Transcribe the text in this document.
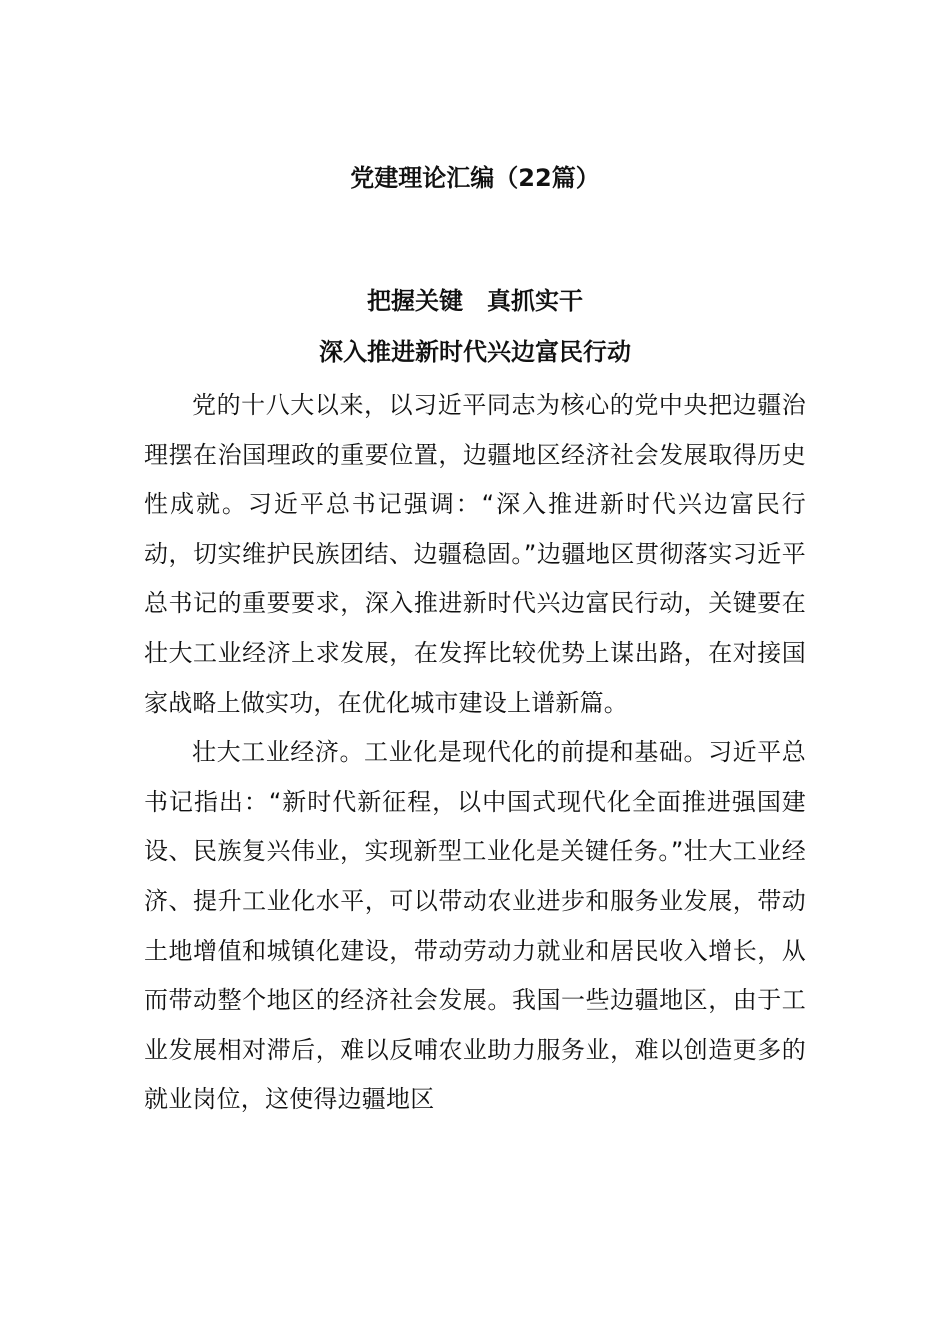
党建理论汇编（22篇）
把握关键　真抓实干
深入推进新时代兴边富民行动

党的十八大以来，以习近平同志为核心的党中央把边疆治理摆在治国理政的重要位置，边疆地区经济社会发展取得历史性成就。习近平总书记强调：“深入推进新时代兴边富民行动，切实维护民族团结、边疆稳固。”边疆地区贯彻落实习近平总书记的重要要求，深入推进新时代兴边富民行动，关键要在壮大工业经济上求发展，在发挥比较优势上谋出路，在对接国家战略上做实功，在优化城市建设上谱新篇。

壮大工业经济。工业化是现代化的前提和基础。习近平总书记指出：“新时代新征程，以中国式现代化全面推进强国建设、民族复兴伟业，实现新型工业化是关键任务。”壮大工业经济、提升工业化水平，可以带动农业进步和服务业发展，带动土地增值和城镇化建设，带动劳动力就业和居民收入增长，从而带动整个地区的经济社会发展。我国一些边疆地区，由于工业发展相对滞后，难以反哺农业助力服务业，难以创造更多的就业岗位，这使得边疆地区
